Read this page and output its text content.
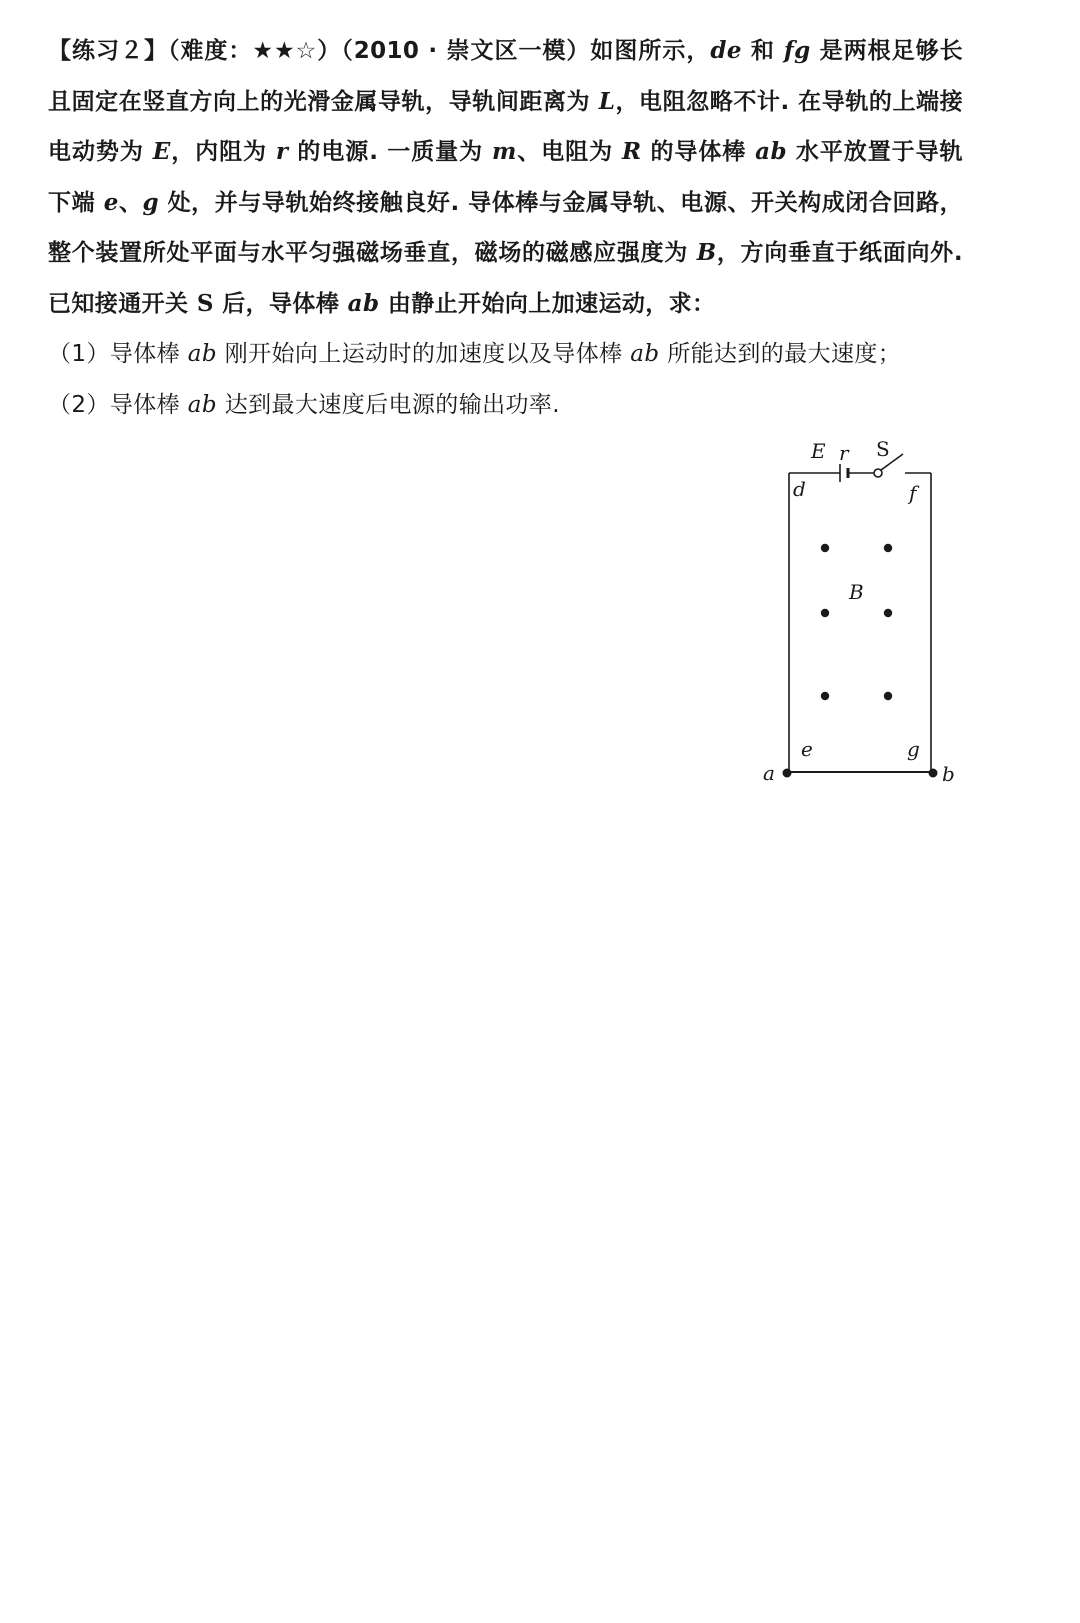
【练习２】（难度：★★☆）（2010 · 崇文区一模）如图所示，de 和 fg 是两根足够长且固定在竖直方向上的光滑金属导轨，导轨间距离为 L，电阻忽略不计. 在导轨的上端接电动势为 E，内阻为 r 的电源. 一质量为 m、电阻为 R 的导体棒 ab 水平放置于导轨下端 e、g 处，并与导轨始终接触良好. 导体棒与金属导轨、电源、开关构成闭合回路，整个装置所处平面与水平匀强磁场垂直，磁场的磁感应强度为 B，方向垂直于纸面向外. 已知接通开关 S 后，导体棒 ab 由静止开始向上加速运动，求：

（1）导体棒 ab 刚开始向上运动时的加速度以及导体棒 ab 所能达到的最大速度；

（2）导体棒 ab 达到最大速度后电源的输出功率.

E r S
d	f
B
e	g
a	b
